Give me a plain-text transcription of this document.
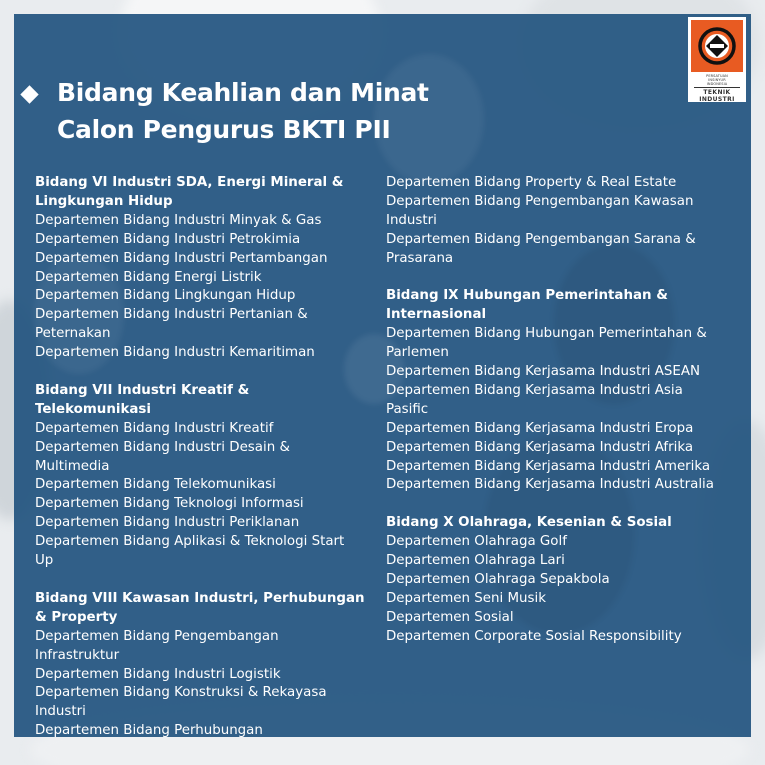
PERSATUAN
INSINYUR
INDONESIA
TEKNIK
INDUSTRI
Bidang Keahlian dan Minat
Calon Pengurus BKTI PII
Bidang VI Industri SDA, Energi Mineral & Lingkungan Hidup
Departemen Bidang Industri Minyak & Gas
Departemen Bidang Industri Petrokimia
Departemen Bidang Industri Pertambangan
Departemen Bidang Energi Listrik
Departemen Bidang Lingkungan Hidup
Departemen Bidang Industri Pertanian & Peternakan
Departemen Bidang Industri Kemaritiman
Bidang VII Industri Kreatif & Telekomunikasi
Departemen Bidang Industri Kreatif
Departemen Bidang Industri Desain & Multimedia
Departemen Bidang Telekomunikasi
Departemen Bidang Teknologi Informasi
Departemen Bidang Industri Periklanan
Departemen Bidang Aplikasi & Teknologi Start Up
Bidang VIII Kawasan Industri, Perhubungan & Property
Departemen Bidang Pengembangan Infrastruktur
Departemen Bidang Industri Logistik
Departemen Bidang Konstruksi & Rekayasa Industri
Departemen Bidang Perhubungan
Departemen Bidang Property & Real Estate
Departemen Bidang Pengembangan Kawasan Industri
Departemen Bidang Pengembangan Sarana & Prasarana
Bidang IX Hubungan Pemerintahan & Internasional
Departemen Bidang Hubungan Pemerintahan & Parlemen
Departemen Bidang Kerjasama Industri ASEAN
Departemen Bidang Kerjasama Industri Asia Pasific
Departemen Bidang Kerjasama Industri Eropa
Departemen Bidang Kerjasama Industri Afrika
Departemen Bidang Kerjasama Industri Amerika
Departemen Bidang Kerjasama Industri Australia
Bidang X Olahraga, Kesenian & Sosial
Departemen Olahraga Golf
Departemen Olahraga Lari
Departemen Olahraga Sepakbola
Departemen Seni Musik
Departemen Sosial
Departemen Corporate Sosial Responsibility
